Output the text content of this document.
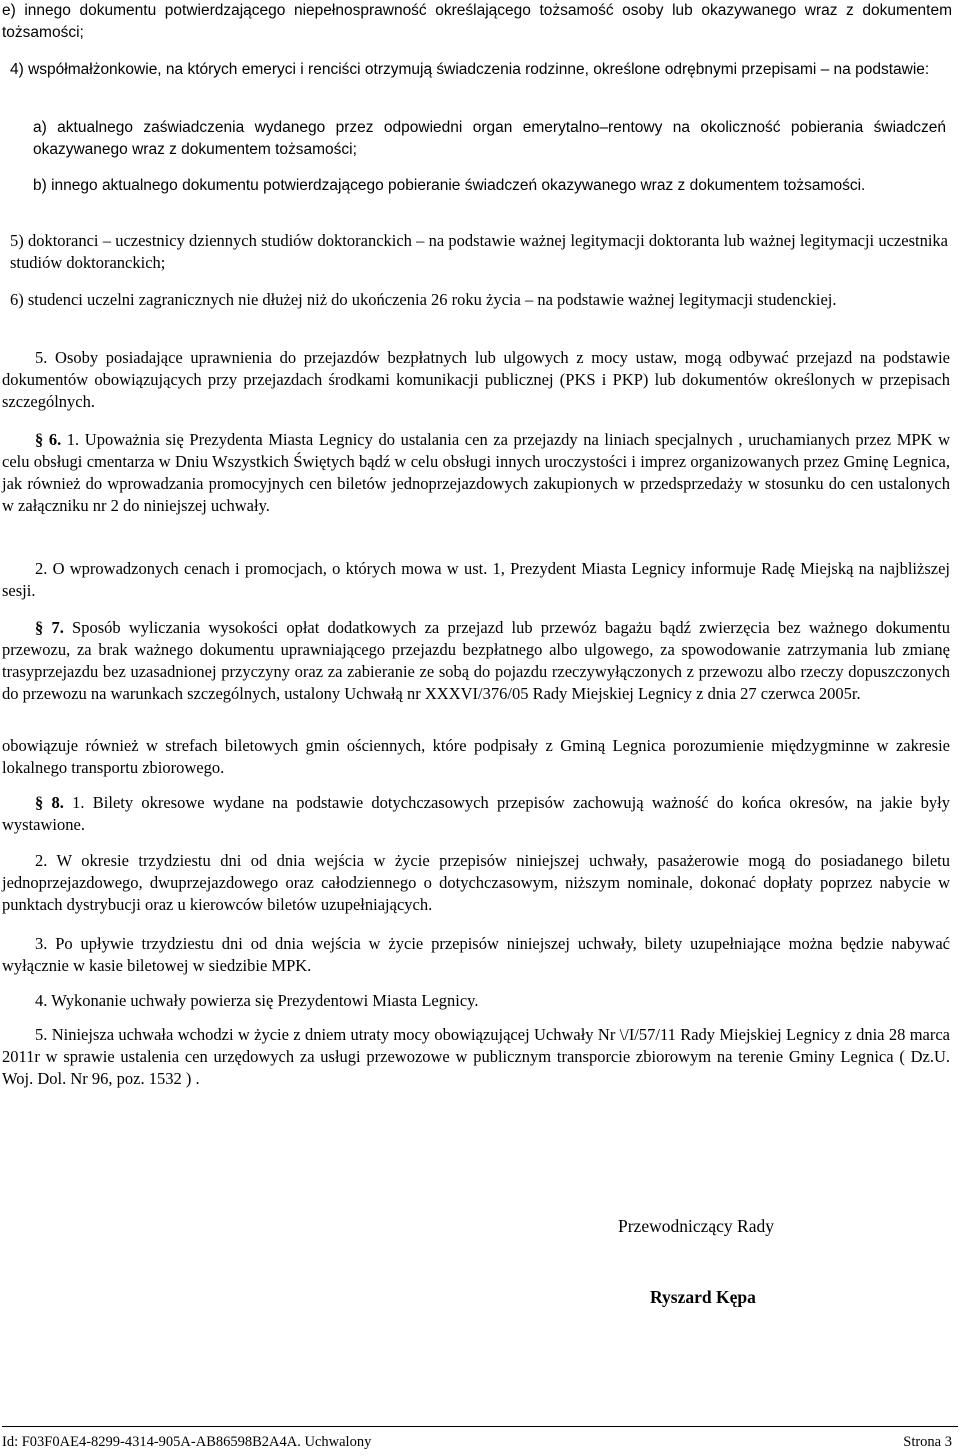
e) innego dokumentu potwierdzającego niepełnosprawność określającego tożsamość osoby lub okazywanego wraz z dokumentem tożsamości;

4) współmałżonkowie, na których emeryci i renciści otrzymują świadczenia rodzinne, określone odrębnymi przepisami – na podstawie:

a) aktualnego zaświadczenia wydanego przez odpowiedni organ emerytalno–rentowy na okoliczność pobierania świadczeń okazywanego wraz z dokumentem tożsamości;

b) innego aktualnego dokumentu potwierdzającego pobieranie świadczeń okazywanego wraz z dokumentem tożsamości.

5) doktoranci – uczestnicy dziennych studiów doktoranckich – na podstawie ważnej legitymacji doktoranta lub ważnej legitymacji uczestnika studiów doktoranckich;

6) studenci uczelni zagranicznych nie dłużej niż do ukończenia 26 roku życia – na podstawie ważnej legitymacji studenckiej.

5. Osoby posiadające uprawnienia do przejazdów bezpłatnych lub ulgowych z mocy ustaw, mogą odbywać przejazd na podstawie dokumentów obowiązujących przy przejazdach środkami komunikacji publicznej (PKS i PKP) lub dokumentów określonych w przepisach szczególnych.

§ 6. 1. Upoważnia się Prezydenta Miasta Legnicy do ustalania cen za przejazdy na liniach specjalnych , uruchamianych przez MPK w celu obsługi cmentarza w Dniu Wszystkich Świętych bądź w celu obsługi innych uroczystości i imprez organizowanych przez Gminę Legnica, jak również do wprowadzania promocyjnych cen biletów jednoprzejazdowych zakupionych w przedsprzedaży w stosunku do cen ustalonych w załączniku nr 2 do niniejszej uchwały.

2. O wprowadzonych cenach i promocjach, o których mowa w ust. 1, Prezydent Miasta Legnicy informuje Radę Miejską na najbliższej sesji.

§ 7. Sposób wyliczania wysokości opłat dodatkowych za przejazd lub przewóz bagażu bądź zwierzęcia bez ważnego dokumentu przewozu, za brak ważnego dokumentu uprawniającego przejazdu bezpłatnego albo ulgowego, za spowodowanie zatrzymania lub zmianę trasyprzejazdu bez uzasadnionej przyczyny oraz za zabieranie ze sobą do pojazdu rzeczywyłączonych z przewozu albo rzeczy dopuszczonych do przewozu na warunkach szczególnych, ustalony Uchwałą nr XXXVI/376/05 Rady Miejskiej Legnicy z dnia 27 czerwca 2005r.

obowiązuje również w strefach biletowych gmin ościennych, które podpisały z Gminą Legnica porozumienie międzygminne w zakresie lokalnego transportu zbiorowego.

§ 8. 1. Bilety okresowe wydane na podstawie dotychczasowych przepisów zachowują ważność do końca okresów, na jakie były wystawione.

2. W okresie trzydziestu dni od dnia wejścia w życie przepisów niniejszej uchwały, pasażerowie mogą do posiadanego biletu jednoprzejazdowego, dwuprzejazdowego oraz całodziennego o dotychczasowym, niższym nominale, dokonać dopłaty poprzez nabycie w punktach dystrybucji oraz u kierowców biletów uzupełniających.

3. Po upływie trzydziestu dni od dnia wejścia w życie przepisów niniejszej uchwały, bilety uzupełniające można będzie nabywać wyłącznie w kasie biletowej w siedzibie MPK.

4. Wykonanie uchwały powierza się Prezydentowi Miasta Legnicy.

5. Niniejsza uchwała wchodzi w życie z dniem utraty mocy obowiązującej Uchwały Nr \/I/57/11 Rady Miejskiej Legnicy z dnia 28 marca 2011r w sprawie ustalenia cen urzędowych za usługi przewozowe w publicznym transporcie zbiorowym na terenie Gminy Legnica ( Dz.U. Woj. Dol. Nr 96, poz. 1532 ) .

Przewodniczący Rady
Ryszard Kępa
Id: F03F0AE4-8299-4314-905A-AB86598B2A4A. Uchwalony	Strona 3
